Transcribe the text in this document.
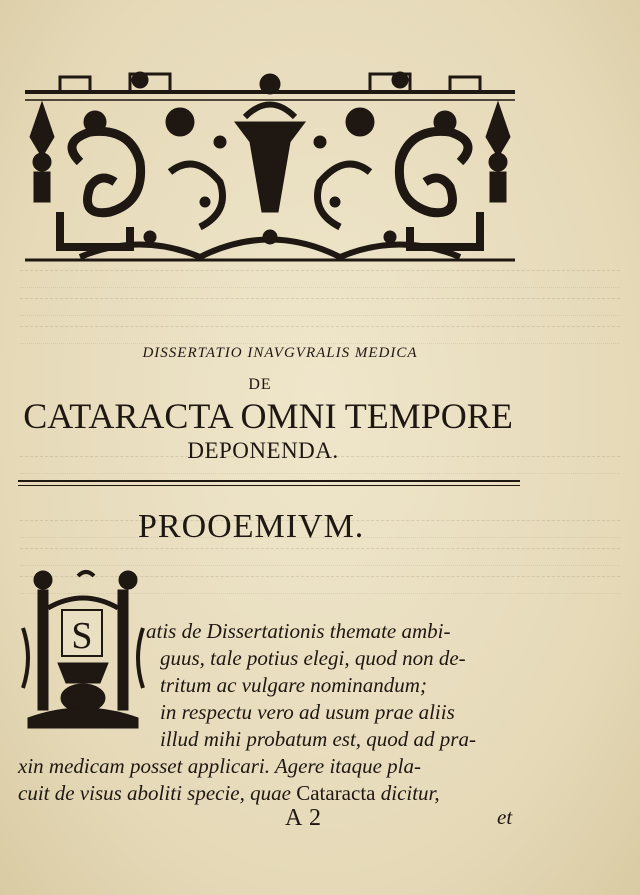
DISSERTATIO INAVGVRALIS MEDICA
DE
CATARACTA OMNI TEMPORE
DEPONENDA.
PROOEMIVM.
S	atis de Dissertationis themate ambi-
guus, tale potius elegi, quod non de-
tritum ac vulgare nominandum;
in respectu vero ad usum prae aliis
illud mihi probatum est, quod ad pra-
xin medicam posset applicari. Agere itaque pla-
cuit de visus aboliti specie, quae Cataracta dicitur,
A 2	et
